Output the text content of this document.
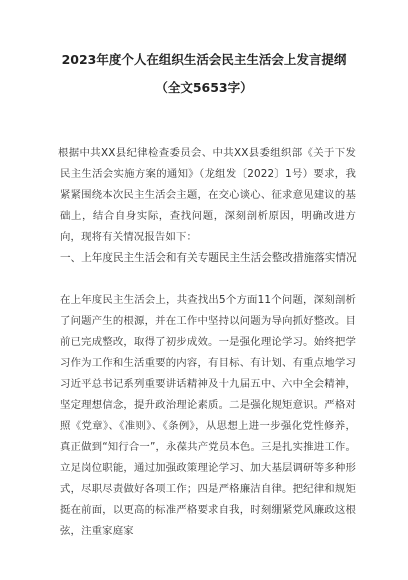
2023年度个人在组织生活会民主生活会上发言提纲
（全文5653字）
根据中共XX县纪律检查委员会、中共XX县委组织部《关于下发民主生活会实施方案的通知》（龙组发〔2022〕1号）要求，我紧紧围绕本次民主生活会主题，在交心谈心、征求意见建议的基础上，结合自身实际，查找问题，深刻剖析原因，明确改进方向，现将有关情况报告如下：
一、上年度民主生活会和有关专题民主生活会整改措施落实情况
在上年度民主生活会上，共查找出5个方面11个问题，深刻剖析了问题产生的根源，并在工作中坚持以问题为导向抓好整改。目前已完成整改，取得了初步成效。一是强化理论学习。始终把学习作为工作和生活重要的内容，有目标、有计划、有重点地学习习近平总书记系列重要讲话精神及十九届五中、六中全会精神，坚定理想信念，提升政治理论素质。二是强化规矩意识。严格对照《党章》、《准则》、《条例》，从思想上进一步强化党性修养，真正做到“知行合一”，永葆共产党员本色。三是扎实推进工作。立足岗位职能，通过加强政策理论学习、加大基层调研等多种形式，尽职尽责做好各项工作；四是严格廉洁自律。把纪律和规矩挺在前面，以更高的标准严格要求自我，时刻绷紧党风廉政这根弦，注重家庭家
